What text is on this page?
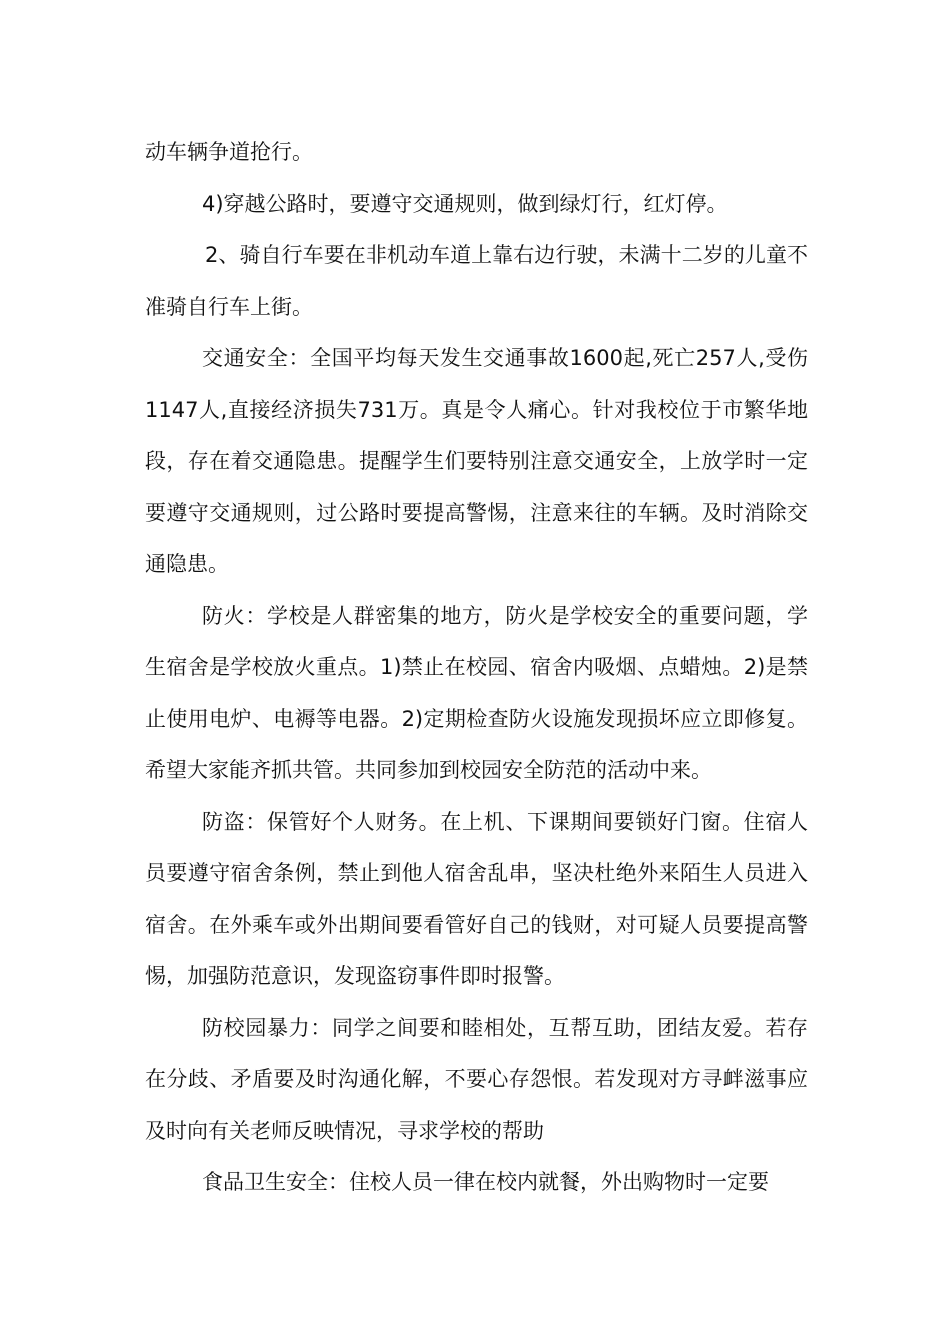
动车辆争道抢行。

4)穿越公路时，要遵守交通规则，做到绿灯行，红灯停。

2、骑自行车要在非机动车道上靠右边行驶，未满十二岁的儿童不准骑自行车上街。

交通安全：全国平均每天发生交通事故1600起,死亡257人,受伤 1147人,直接经济损失731万。真是令人痛心。针对我校位于市繁华地段，存在着交通隐患。提醒学生们要特别注意交通安全，上放学时一定要遵守交通规则，过公路时要提高警惕，注意来往的车辆。及时消除交通隐患。

防火：学校是人群密集的地方，防火是学校安全的重要问题，学生宿舍是学校放火重点。1)禁止在校园、宿舍内吸烟、点蜡烛。2)是禁止使用电炉、电褥等电器。2)定期检查防火设施发现损坏应立即修复。希望大家能齐抓共管。共同参加到校园安全防范的活动中来。

防盗：保管好个人财务。在上机、下课期间要锁好门窗。住宿人员要遵守宿舍条例，禁止到他人宿舍乱串，坚决杜绝外来陌生人员进入宿舍。在外乘车或外出期间要看管好自己的钱财，对可疑人员要提高警惕，加强防范意识，发现盗窃事件即时报警。

防校园暴力：同学之间要和睦相处，互帮互助，团结友爱。若存在分歧、矛盾要及时沟通化解，不要心存怨恨。若发现对方寻衅滋事应及时向有关老师反映情况，寻求学校的帮助

食品卫生安全：住校人员一律在校内就餐，外出购物时一定要
